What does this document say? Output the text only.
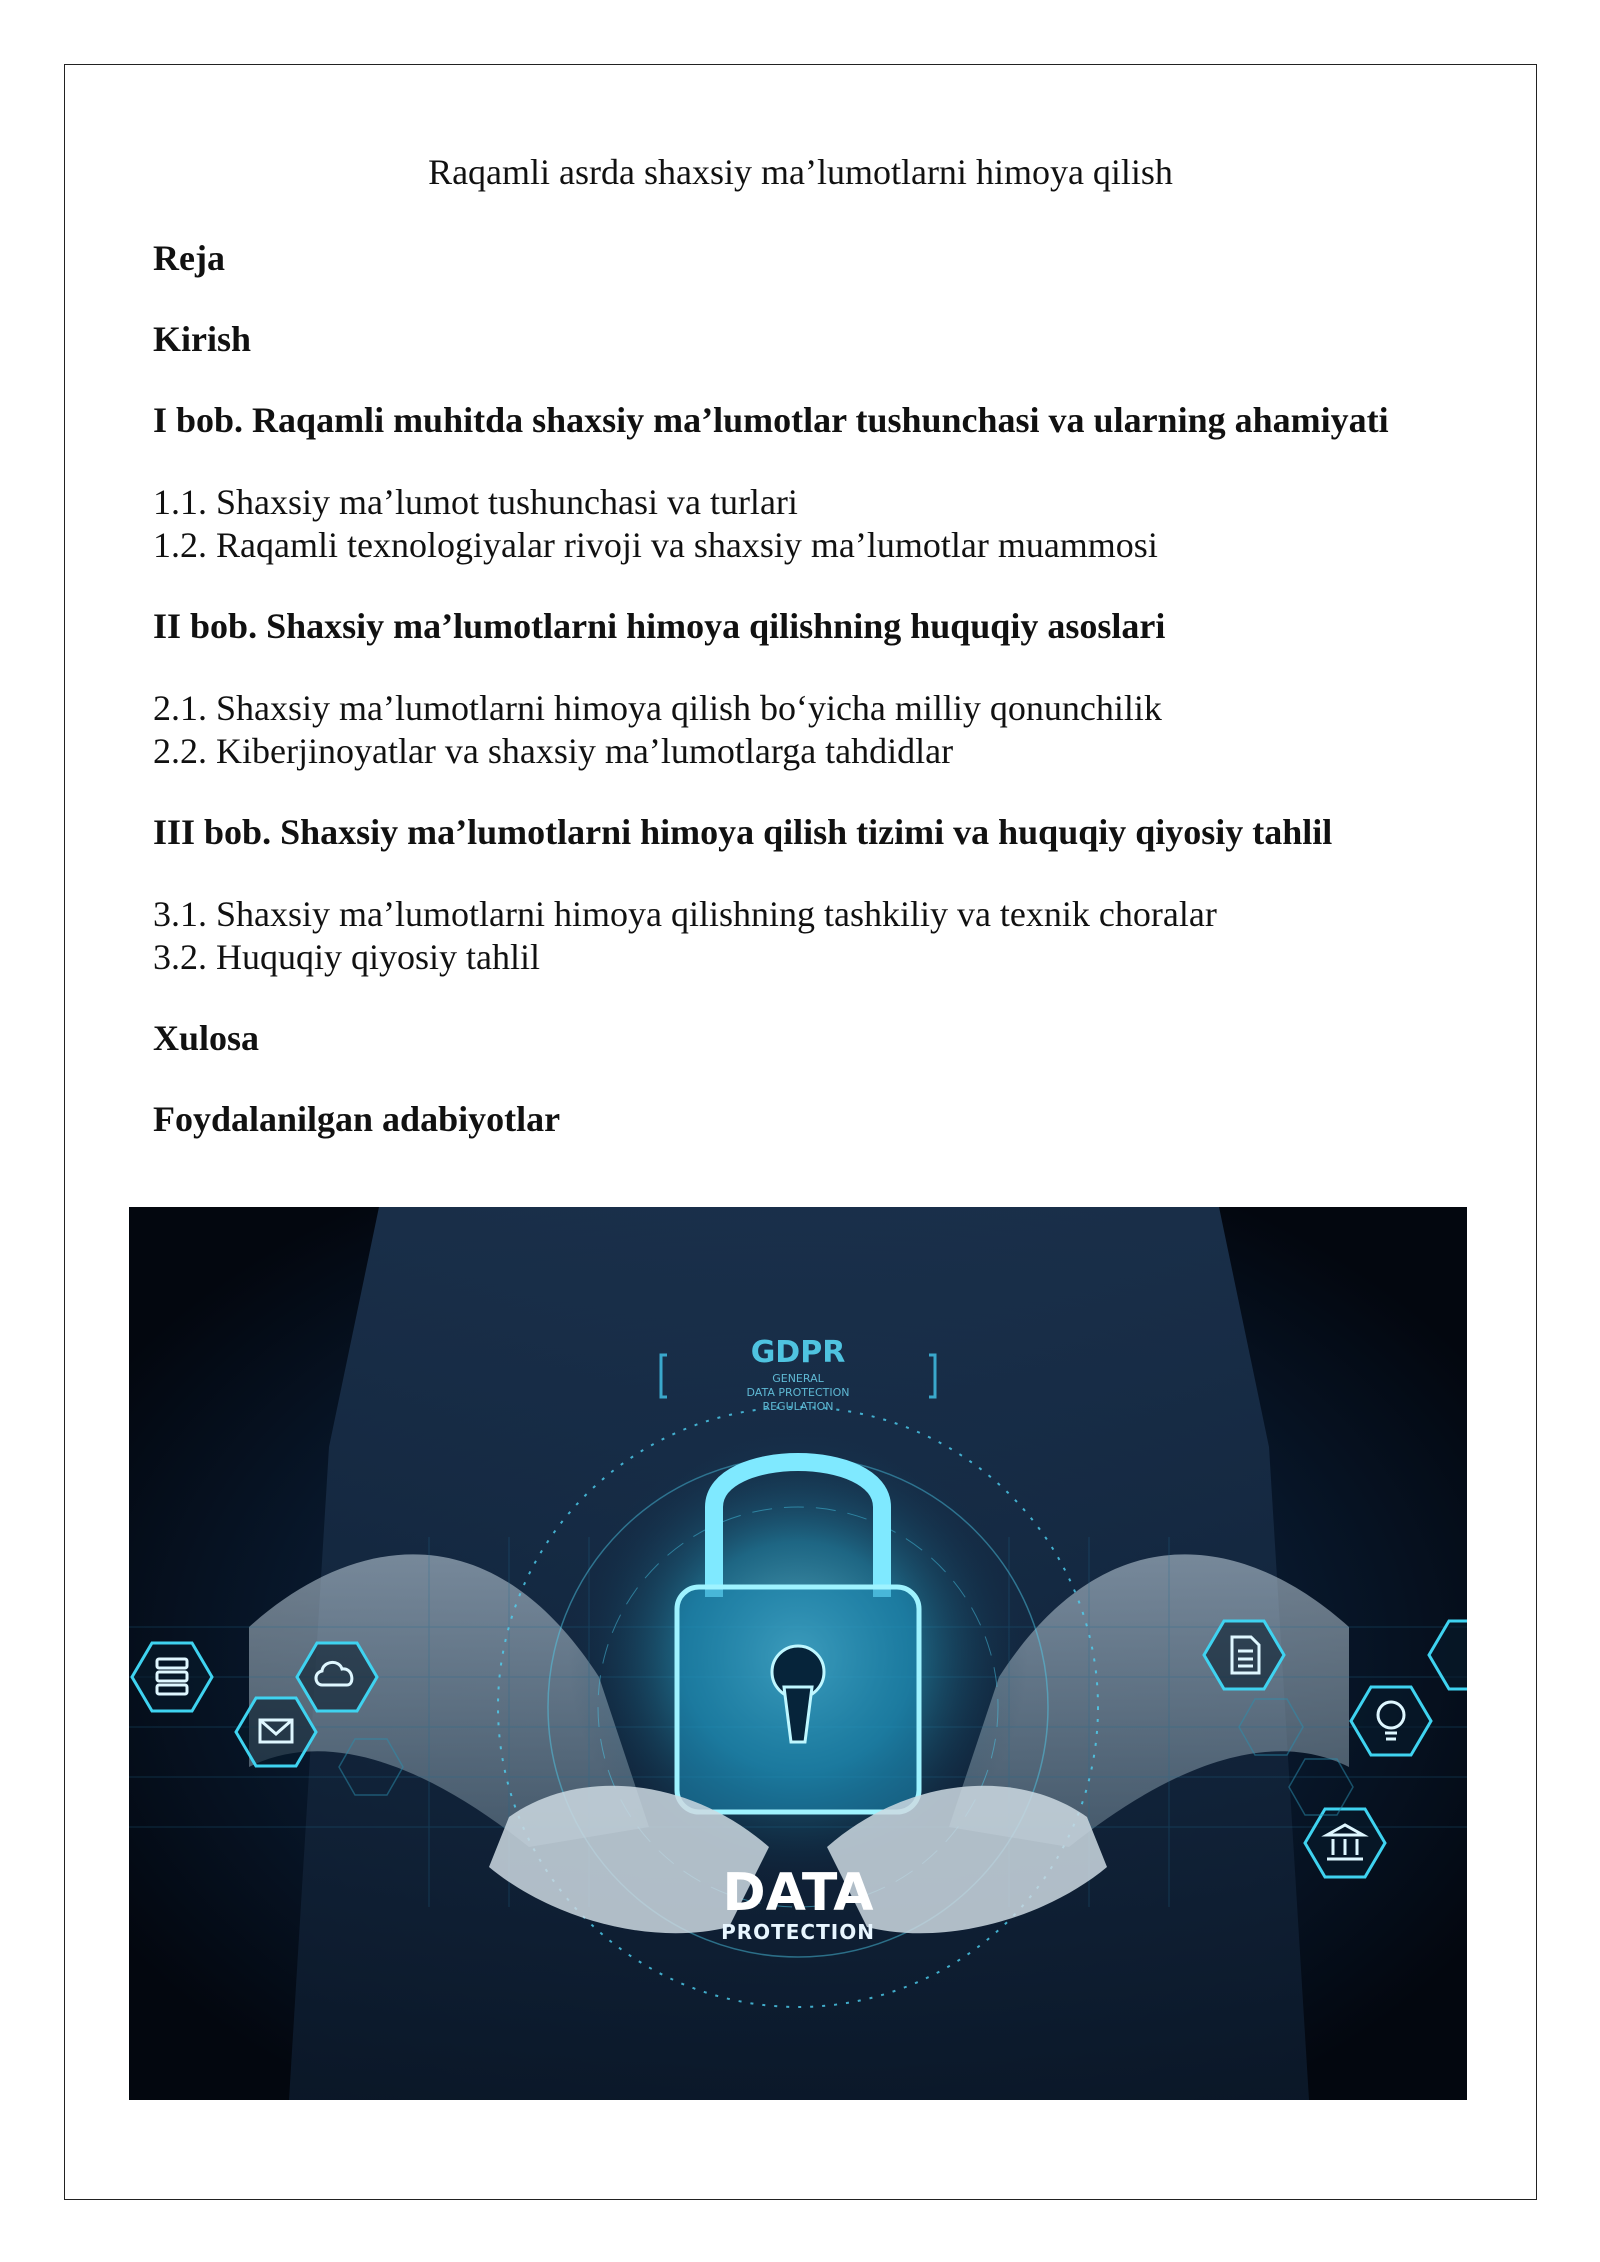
Raqamli asrda shaxsiy ma’lumotlarni himoya qilish

Reja

Kirish

I bob. Raqamli muhitda shaxsiy ma’lumotlar tushunchasi va ularning ahamiyati

1.1. Shaxsiy ma’lumot tushunchasi va turlari

1.2. Raqamli texnologiyalar rivoji va shaxsiy ma’lumotlar muammosi

II bob. Shaxsiy ma’lumotlarni himoya qilishning huquqiy asoslari

2.1. Shaxsiy ma’lumotlarni himoya qilish bo‘yicha milliy qonunchilik

2.2. Kiberjinoyatlar va shaxsiy ma’lumotlarga tahdidlar

III bob. Shaxsiy ma’lumotlarni himoya qilish tizimi va huquqiy qiyosiy tahlil

3.1. Shaxsiy ma’lumotlarni himoya qilishning tashkiliy va texnik choralar

3.2. Huquqiy qiyosiy tahlil

Xulosa

Foydalanilgan adabiyotlar

GDPR
GENERAL
DATA PROTECTION
REGULATION
DATA
PROTECTION
